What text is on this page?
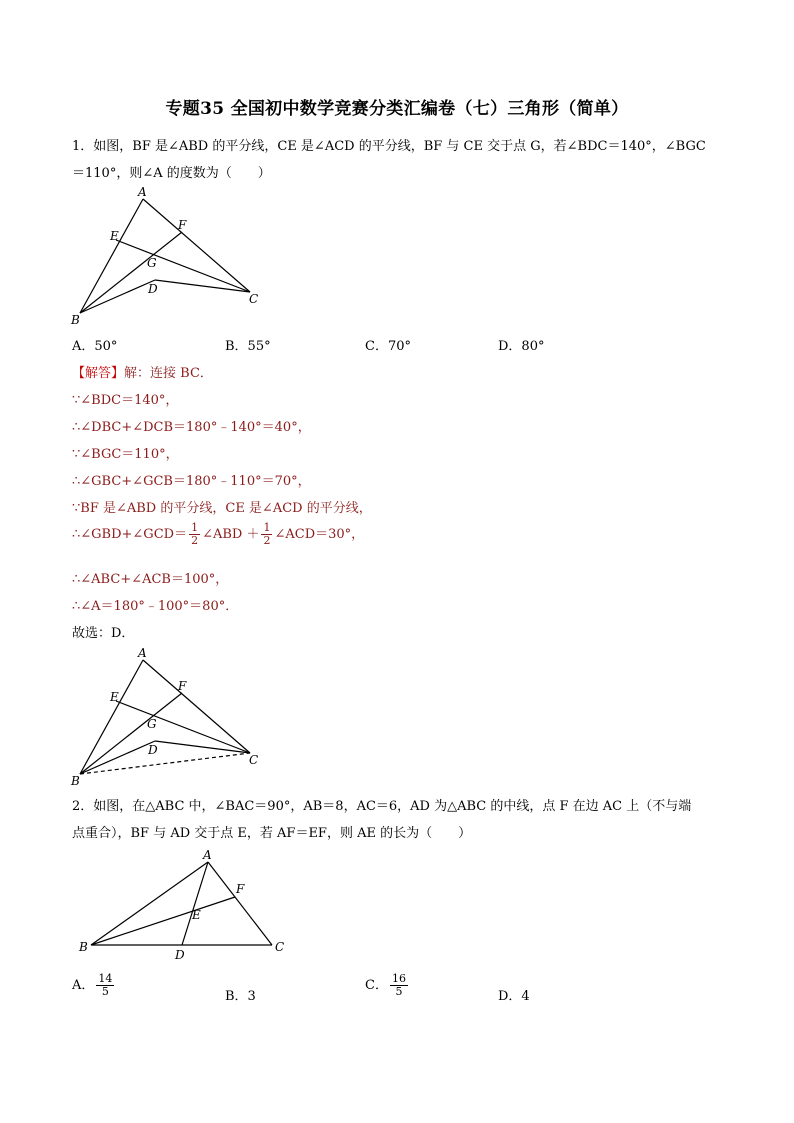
专题35 全国初中数学竞赛分类汇编卷（七）三角形（简单）
1．如图，BF 是∠ABD 的平分线，CE 是∠ACD 的平分线，BF 与 CE 交于点 G，若∠BDC＝140°，∠BGC
＝110°，则∠A 的度数为（　　）
A
F
E
G
D
C
B
A．50°	B．55°	C．70°	D．80°
【解答】解：连接 BC．
∵∠BDC＝140°，
∴∠DBC+∠DCB＝180°﹣140°＝40°，
∵∠BGC＝110°，
∴∠GBC+∠GCB＝180°﹣110°＝70°，
∵BF 是∠ABD 的平分线，CE 是∠ACD 的平分线，
∴∠GBD+∠GCD＝ $\frac{1}{2}$ ∠ABD ＋ $\frac{1}{2}$ ∠ACD＝30°，
∴∠ABC+∠ACB＝100°，
∴∠A＝180°﹣100°＝80°．
故选：D．
A
F
E
G
D
C
B
2．如图，在△ABC 中，∠BAC＝90°，AB＝8，AC＝6，AD 为△ABC 的中线，点 F 在边 AC 上（不与端
点重合），BF 与 AD 交于点 E，若 AF＝EF，则 AE 的长为（　　）
A
F
E
B
D
C
A． $\frac{14}{5}$	B．3
C． $\frac{16}{5}$	D．4
